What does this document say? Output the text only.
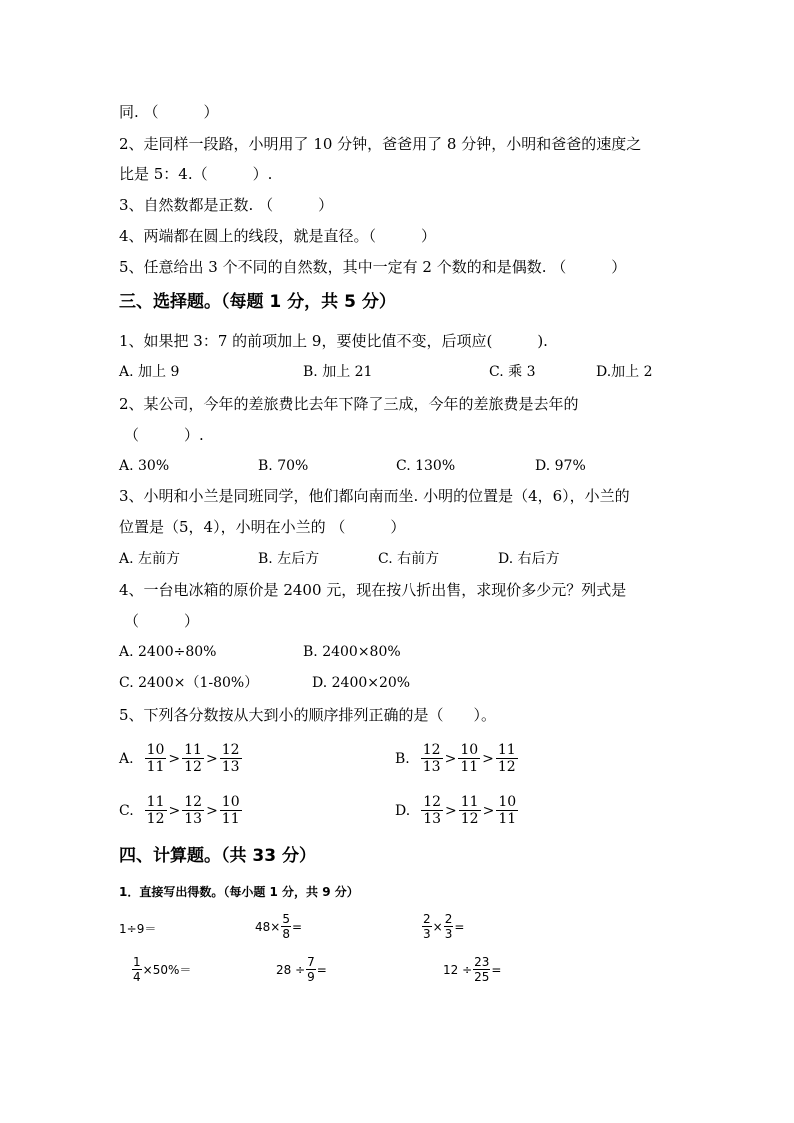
同. （　　　）
2、走同样一段路，小明用了 10 分钟，爸爸用了 8 分钟，小明和爸爸的速度之
比是 5：4.（　　　）.
3、自然数都是正数. （　　　）
4、两端都在圆上的线段，就是直径。（　　　）
5、任意给出 3 个不同的自然数，其中一定有 2 个数的和是偶数. （　　　）
三、选择题。（每题 1 分，共 5 分）
1、如果把 3：7 的前项加上 9，要使比值不变，后项应(　　　).
A. 加上 9	B. 加上 21	C. 乘 3	D.加上 2
2、某公司，今年的差旅费比去年下降了三成，今年的差旅费是去年的
（　　　）.
A. 30%	B. 70%	C. 130%	D. 97%
3、小明和小兰是同班同学，他们都向南而坐. 小明的位置是（4，6），小兰的
位置是（5，4），小明在小兰的 （　　　）
A. 左前方	B. 左后方	C. 右前方	D. 右后方
4、一台电冰箱的原价是 2400 元，现在按八折出售，求现价多少元？列式是
（　　　）
A. 2400÷80%	B. 2400×80%
C. 2400×（1-80%）	D. 2400×20%
5、下列各分数按从大到小的顺序排列正确的是（　　）。
A. $\frac{10}{11} > \frac{11}{12} > \frac{12}{13}$	B. $\frac{12}{13} > \frac{10}{11} > \frac{11}{12}$
C. $\frac{11}{12} > \frac{12}{13} > \frac{10}{11}$	D. $\frac{12}{13} > \frac{11}{12} > \frac{10}{11}$
四、计算题。（共 33 分）
1．直接写出得数。（每小题 1 分，共 9 分）
1÷9＝	$48\times \frac{5}{8}$ =	$\frac{2}{3} \times \frac{2}{3}$ =
$\frac{1}{4} \times 50\%=$	$28 \div \frac{7}{9}$ =	$12 \div \frac{23}{25}$ =
